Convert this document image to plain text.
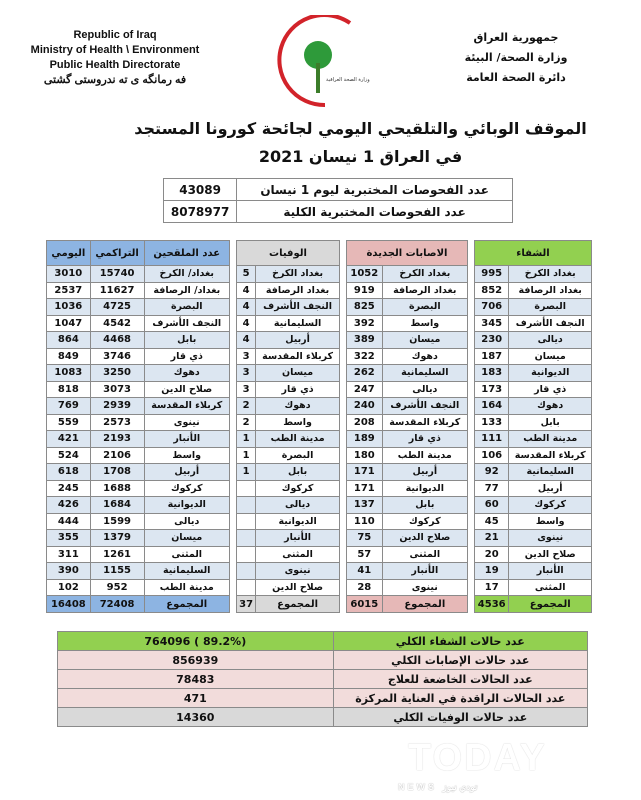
Republic of Iraq
Ministry of Health \ Environment
Public Health Directorate
فه رمانگه ی ته ندروستی گشتی	وزارة الصحة العراقية
جمهورية العراق
وزارة الصحة/ البيئة
دائرة الصحة العامة
الموقف الوبائي والتلقيحي اليومي لجائحة كورونا المستجد
في العراق 1 نيسان 2021
عدد الفحوصات المختبرية ليوم 1 نيسان	43089
عدد الفحوصات المختبرية الكلية	8078977
عدد الملقحين	التراكمي	اليومي
بغداد/ الكرخ	15740	3010
بغداد/ الرصافة	11627	2537
البصرة	4725	1036
النجف الأشرف	4542	1047
بابل	4468	864
ذي قار	3746	849
دهوك	3250	1083
صلاح الدين	3073	818
كربلاء المقدسة	2939	769
نينوى	2573	559
الأنبار	2193	421
واسط	2106	524
أربيل	1708	618
كركوك	1688	245
الديوانية	1684	426
ديالى	1599	444
ميسان	1379	355
المثنى	1261	311
السليمانية	1155	390
مدينة الطب	952	102
المجموع	72408	16408
الوفيات	
بغداد الكرخ	5
بغداد الرصافة	4
النجف الأشرف	4
السليمانية	4
أربيل	4
كربلاء المقدسة	3
ميسان	3
ذي قار	3
دهوك	2
واسط	2
مدينة الطب	1
البصرة	1
بابل	1
كركوك	
ديالى	
الديوانية	
الأنبار	
المثنى	
نينوى	
صلاح الدين	
المجموع	37
الاصابات الجديدة	
بغداد الكرخ	1052
بغداد الرصافة	919
البصرة	825
واسط	392
ميسان	389
دهوك	322
السليمانية	262
ديالى	247
النجف الأشرف	240
كربلاء المقدسة	208
ذي قار	189
مدينة الطب	180
أربيل	171
الديوانية	171
بابل	137
كركوك	110
صلاح الدين	75
المثنى	57
الأنبار	41
نينوى	28
المجموع	6015
الشفاء	
بغداد الكرخ	995
بغداد الرصافة	852
البصرة	706
النجف الأشرف	345
ديالى	230
ميسان	187
الديوانية	183
ذي قار	173
دهوك	164
بابل	133
مدينة الطب	111
كربلاء المقدسة	106
السليمانية	92
أربيل	77
كركوك	60
واسط	45
نينوى	21
صلاح الدين	20
الأنبار	19
المثنى	17
المجموع	4536
عدد حالات الشفاء الكلي	(89.2% ) 764096
عدد حالات الإصابات الكلي	856939
عدد الحالات الخاضعة للعلاج	78483
عدد الحالات الراقدة في العناية المركزة	471
عدد حالات الوفيات الكلي	14360
TODAY
NEWS تودي نيوز
